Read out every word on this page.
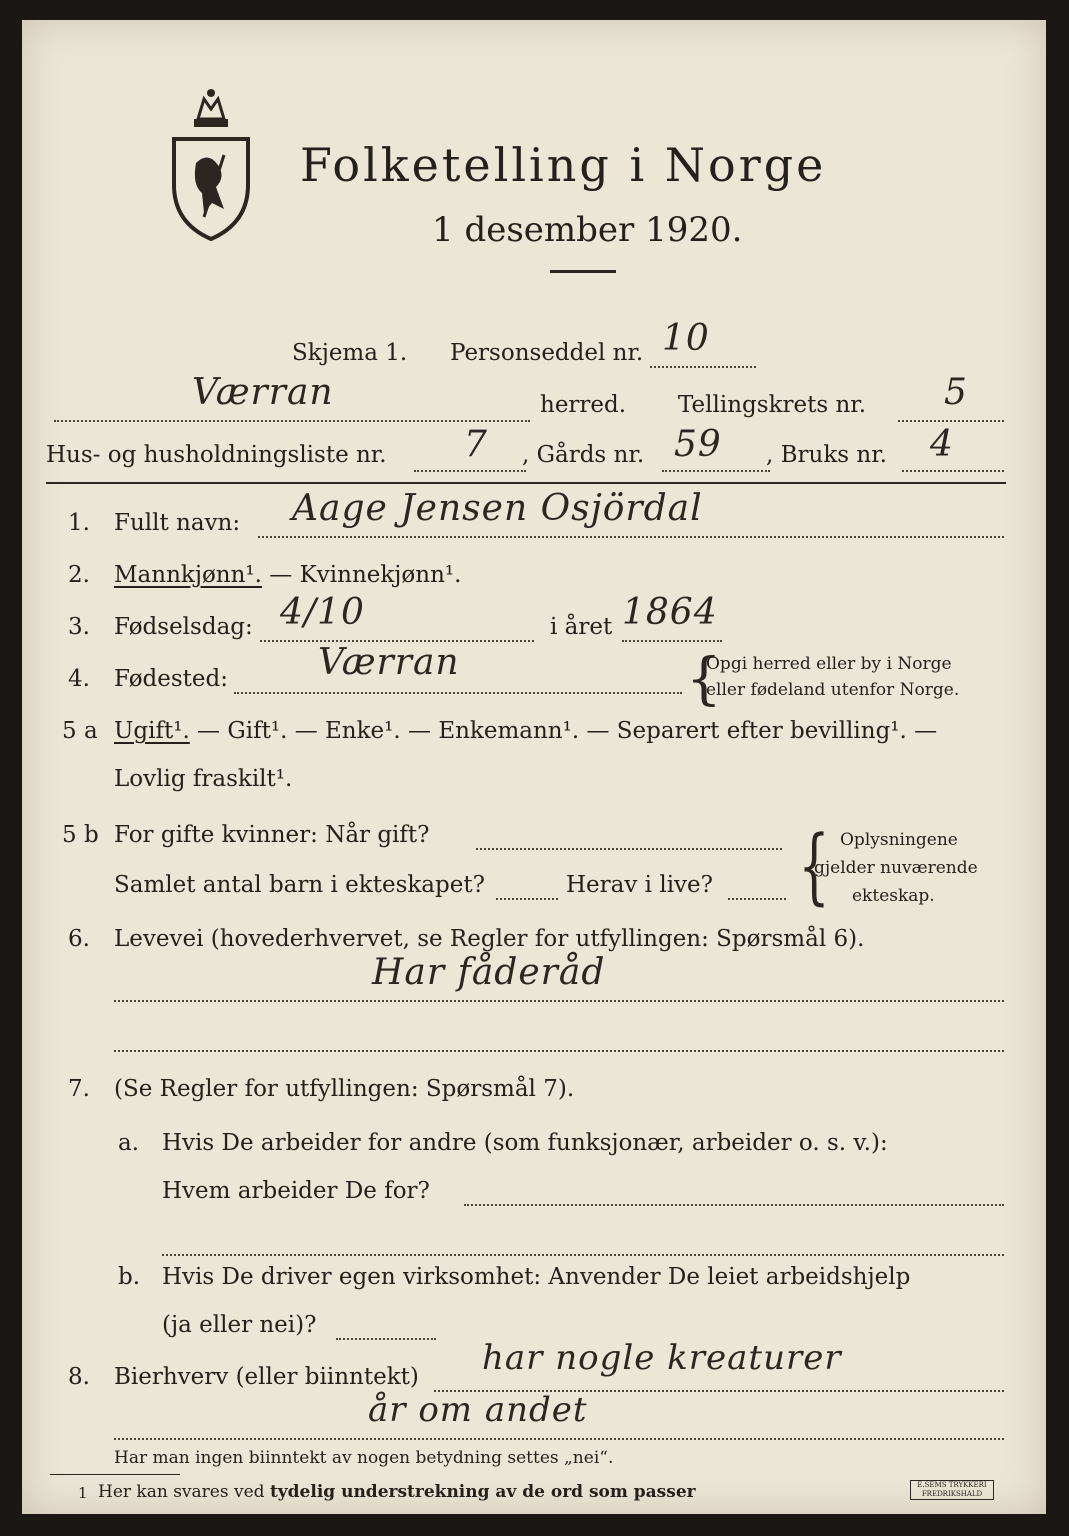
Folketelling i Norge
1 desember 1920.
Skjema 1. Personseddel nr. 10
Værran	herred. Tellingskrets nr. 5
Hus- og husholdningsliste nr. 7 , Gårds nr. 59 , Bruks nr. 4
1. Fullt navn: Aage Jensen Osjördal
2. Mannkjønn¹. — Kvinnekjønn¹.
3. Fødselsdag: 4/10	i året 1864
4. Fødested: Værran	{
Opgi herred eller by i Norge
eller fødeland utenfor Norge.
5 a Ugift¹. — Gift¹. — Enke¹. — Enkemann¹. — Separert efter bevilling¹. —
Lovlig fraskilt¹.
5 b For gifte kvinner: Når gift?
Samlet antal barn i ekteskapet?	Herav i live? { Oplysningene
gjelder nuværende
ekteskap.
6. Levevei (hovederhvervet, se Regler for utfyllingen: Spørsmål 6).
Har fåderåd
7. (Se Regler for utfyllingen: Spørsmål 7).
a. Hvis De arbeider for andre (som funksjonær, arbeider o. s. v.):
Hvem arbeider De for?
b. Hvis De driver egen virksomhet: Anvender De leiet arbeidshjelp
(ja eller nei)?
8. Bierhverv (eller biinntekt) har nogle kreaturer
år om andet
Har man ingen biinntekt av nogen betydning settes „nei“.
1 Her kan svares ved tydelig understrekning av de ord som passer	E.SEMS TRYKKERI
FREDRIKSHALD
